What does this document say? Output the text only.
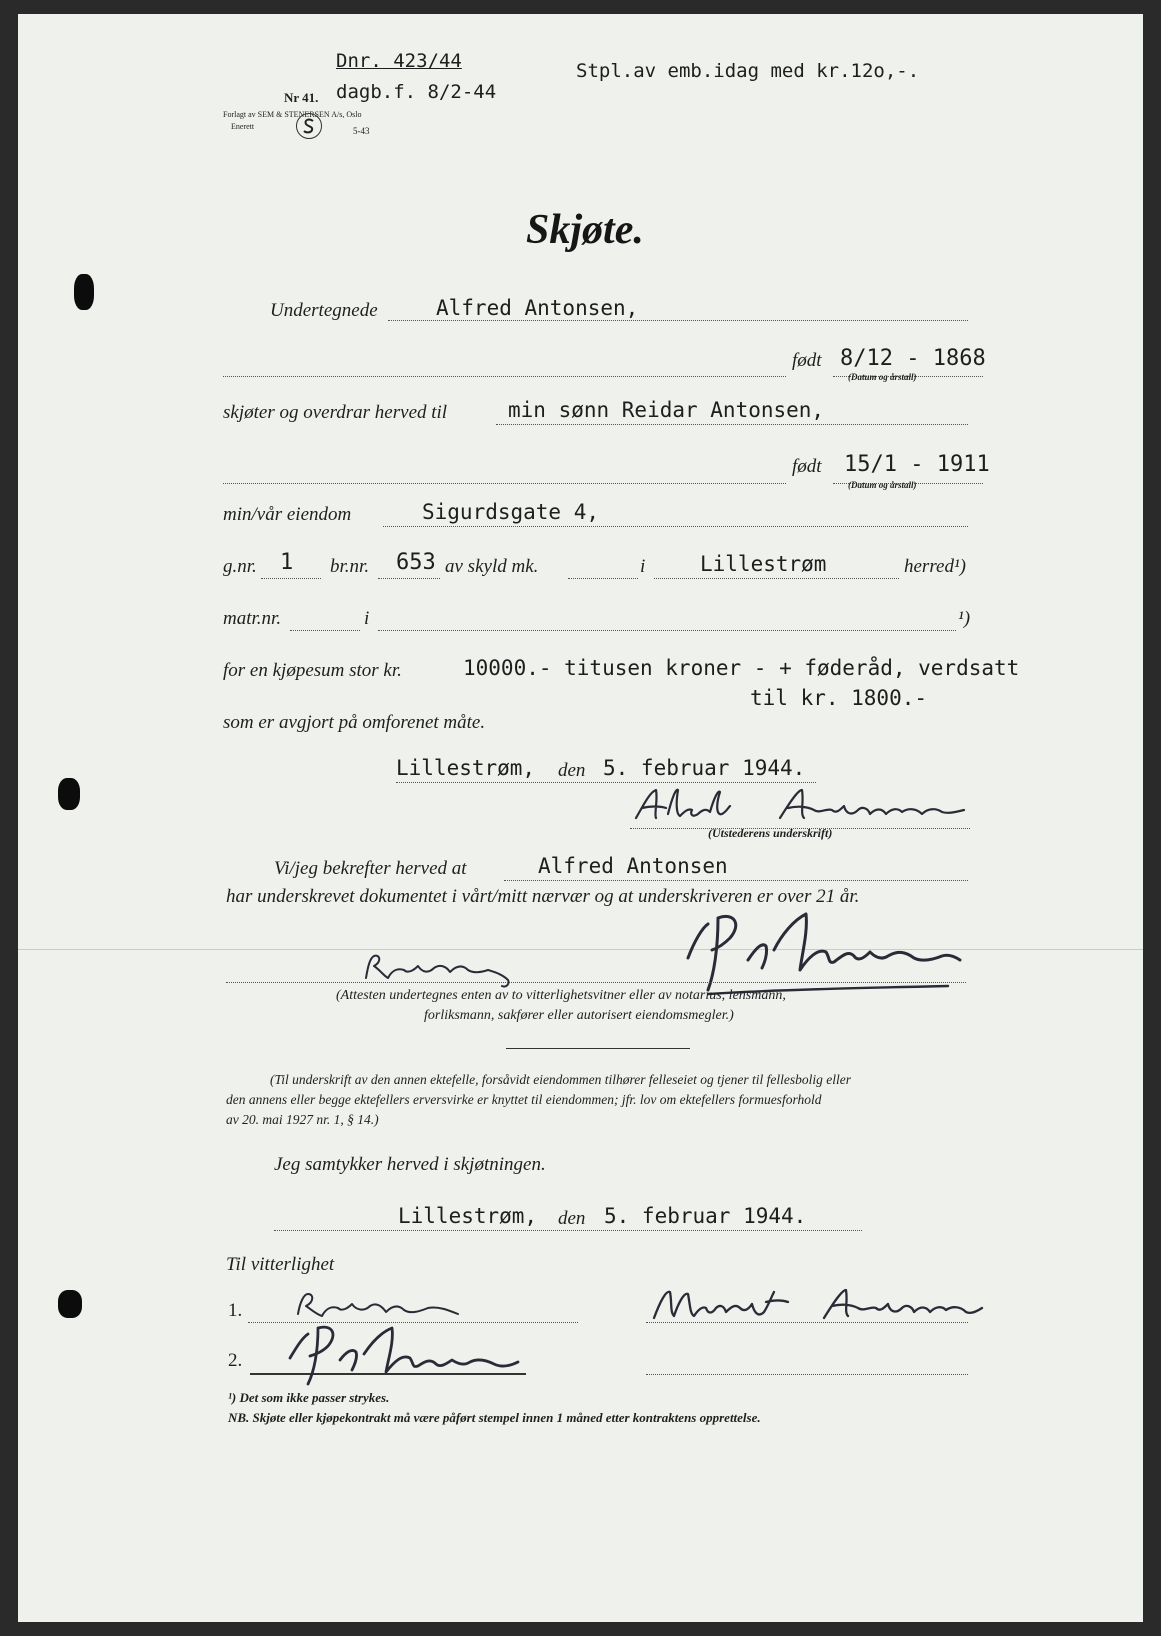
Dnr. 423/44	Stpl.av emb.idag med kr.12o,-.
Nr 41. dagb.f. 8/2-44
Forlagt av SEM & STENERSEN A/s, Oslo
Enerett	5-43
Skjøte.
Undertegnede	Alfred Antonsen,
født 8/12 - 1868
(Datum og årstall)
skjøter og overdrar herved til	min sønn Reidar Antonsen,
født 15/1 - 1911
(Datum og årstall)
min/vår eiendom	Sigurdsgate 4,
g.nr. 1 br.nr. 653 av skyld mk.	i	Lillestrøm	herred¹)
matr.nr.	i	¹)
for en kjøpesum stor kr.	10000.- titusen kroner - + føderåd, verdsatt
til kr. 1800.-
som er avgjort på omforenet måte.
Lillestrøm, den 5. februar 1944.
(Utstederens underskrift)
Vi/jeg bekrefter herved at	Alfred Antonsen
har underskrevet dokumentet i vårt/mitt nærvær og at underskriveren er over 21 år.
(Attesten undertegnes enten av to vitterlighetsvitner eller av notarius, lensmann,
forliksmann, sakfører eller autorisert eiendomsmegler.)
(Til underskrift av den annen ektefelle, forsåvidt eiendommen tilhører felleseiet og tjener til fellesbolig eller
den annens eller begge ektefellers erversvirke er knyttet til eiendommen; jfr. lov om ektefellers formuesforhold
av 20. mai 1927 nr. 1, § 14.)
Jeg samtykker herved i skjøtningen.
Lillestrøm, den 5. februar 1944.
Til vitterlighet
1.
2.
¹) Det som ikke passer strykes.
NB. Skjøte eller kjøpekontrakt må være påført stempel innen 1 måned etter kontraktens opprettelse.
